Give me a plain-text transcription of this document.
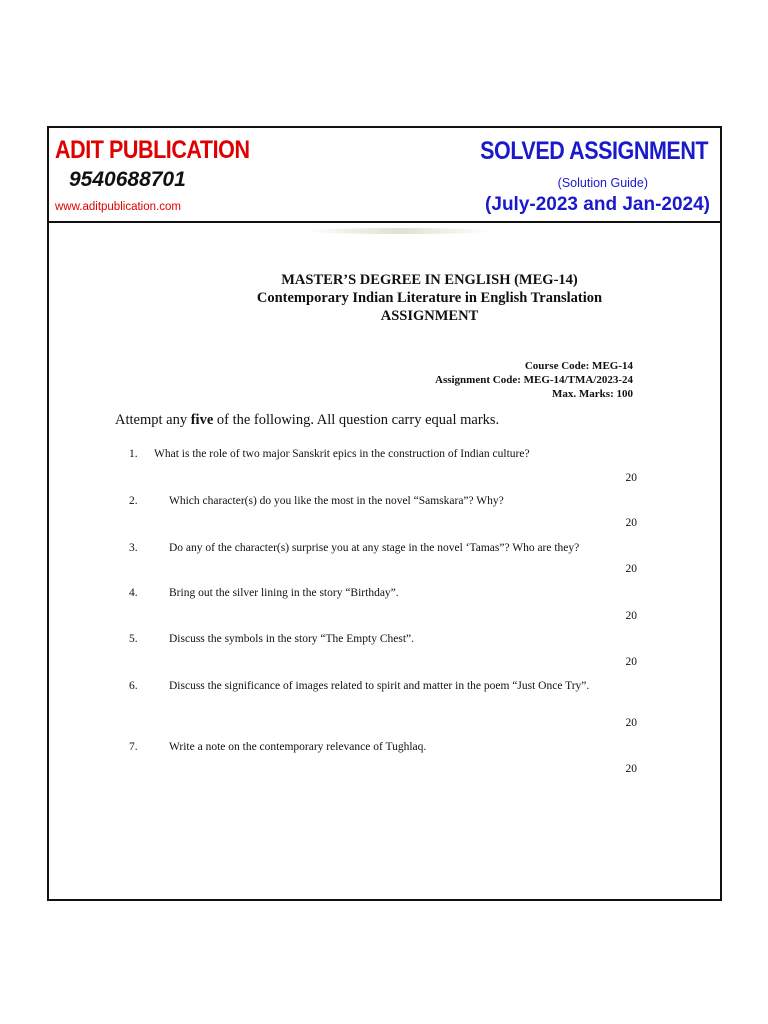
ADIT PUBLICATION
9540688701
www.aditpublication.com
SOLVED ASSIGNMENT
(Solution Guide)
(July-2023 and Jan-2024)
MASTER’S DEGREE IN ENGLISH (MEG-14)
Contemporary Indian Literature in English Translation
ASSIGNMENT
Course Code: MEG-14
Assignment Code: MEG-14/TMA/2023-24
Max. Marks: 100
Attempt any five of the following. All question carry equal marks.
1. What is the role of two major Sanskrit epics in the construction of Indian culture?
20
2.	Which character(s) do you like the most in the novel “Samskara”? Why?
20
3.	Do any of the character(s) surprise you at any stage in the novel ‘Tamas”? Who are they?
20
4.	Bring out the silver lining in the story “Birthday”.
20
5.	Discuss the symbols in the story “The Empty Chest”.
20
6.	Discuss the significance of images related to spirit and matter in the poem “Just Once Try”.
20
7.	Write a note on the contemporary relevance of Tughlaq.
20
